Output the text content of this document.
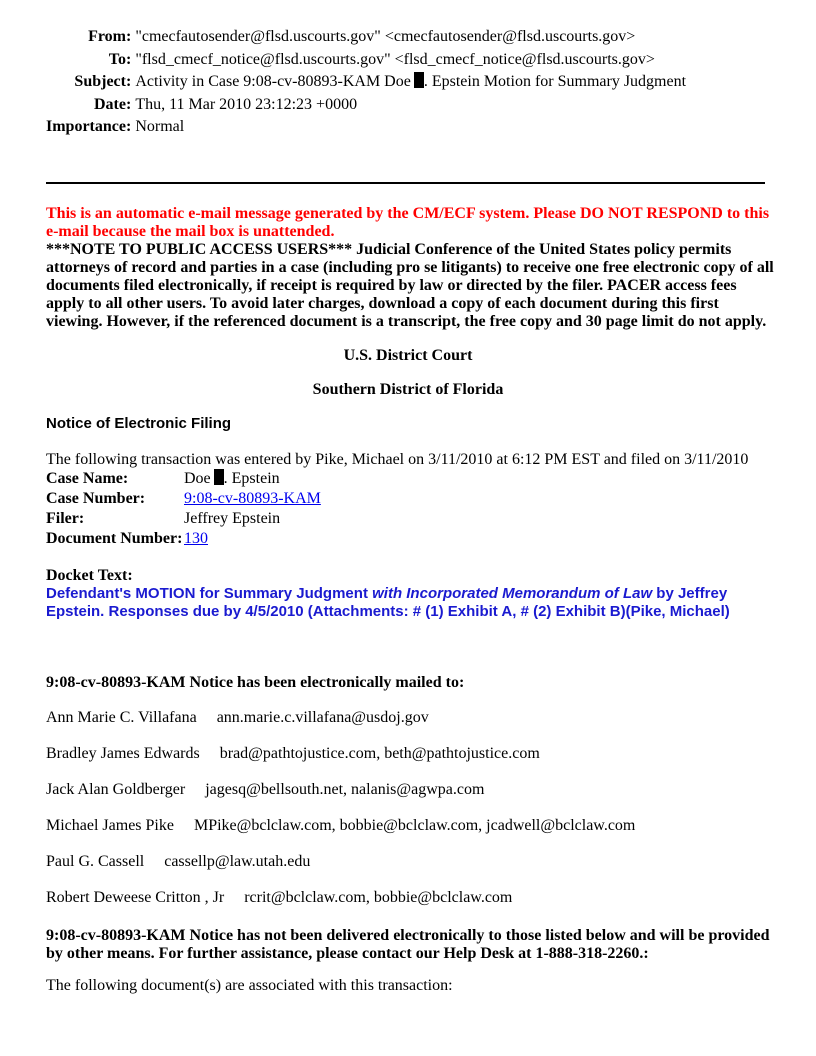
From:	"cmecfautosender@flsd.uscourts.gov" <cmecfautosender@flsd.uscourts.gov>
To:	"flsd_cmecf_notice@flsd.uscourts.gov" <flsd_cmecf_notice@flsd.uscourts.gov>
Subject:	Activity in Case 9:08-cv-80893-KAM Doe . Epstein Motion for Summary Judgment
Date:	Thu, 11 Mar 2010 23:12:23 +0000
Importance:	Normal
This is an automatic e-mail message generated by the CM/ECF system. Please DO NOT RESPOND to this e-mail because the mail box is unattended.
***NOTE TO PUBLIC ACCESS USERS*** Judicial Conference of the United States policy permits attorneys of record and parties in a case (including pro se litigants) to receive one free electronic copy of all documents filed electronically, if receipt is required by law or directed by the filer. PACER access fees apply to all other users. To avoid later charges, download a copy of each document during this first viewing. However, if the referenced document is a transcript, the free copy and 30 page limit do not apply.
U.S. District Court
Southern District of Florida
Notice of Electronic Filing
The following transaction was entered by Pike, Michael on 3/11/2010 at 6:12 PM EST and filed on 3/11/2010
Case Name:	Doe . Epstein
Case Number:	9:08-cv-80893-KAM
Filer:	Jeffrey Epstein
Document Number:	130
Docket Text:
Defendant's MOTION for Summary Judgment with Incorporated Memorandum of Law by Jeffrey Epstein. Responses due by 4/5/2010 (Attachments: # (1) Exhibit A, # (2) Exhibit B)(Pike, Michael)
9:08-cv-80893-KAM Notice has been electronically mailed to:
Ann Marie C. Villafana ann.marie.c.villafana@usdoj.gov
Bradley James Edwards brad@pathtojustice.com, beth@pathtojustice.com
Jack Alan Goldberger jagesq@bellsouth.net, nalanis@agwpa.com
Michael James Pike MPike@bclclaw.com, bobbie@bclclaw.com, jcadwell@bclclaw.com
Paul G. Cassell cassellp@law.utah.edu
Robert Deweese Critton , Jr rcrit@bclclaw.com, bobbie@bclclaw.com
9:08-cv-80893-KAM Notice has not been delivered electronically to those listed below and will be provided by other means. For further assistance, please contact our Help Desk at 1-888-318-2260.:
The following document(s) are associated with this transaction:
